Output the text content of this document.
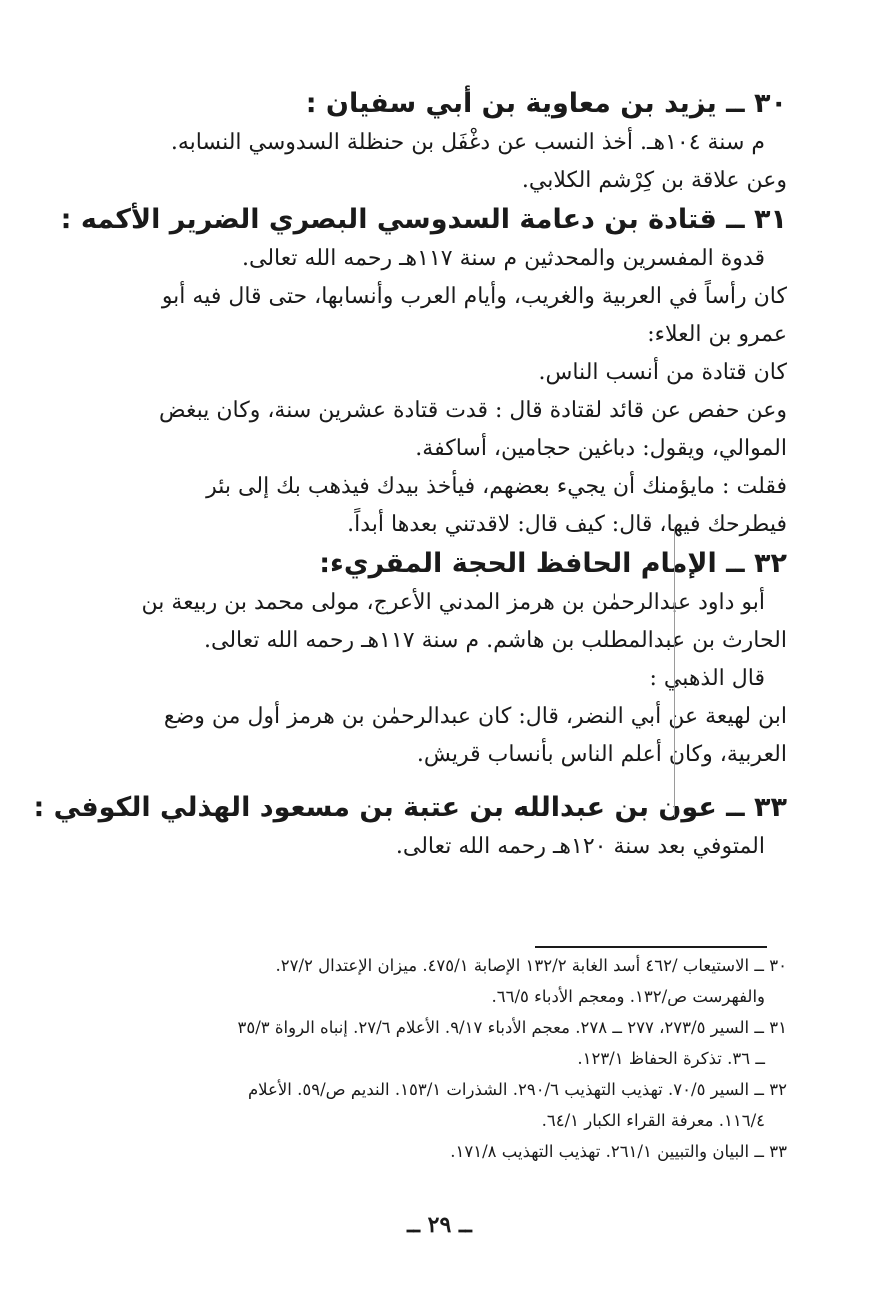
٣٠ ــ يزيد بن معاوية بن أبي سفيان :

م سنة ١٠٤هـ. أخذ النسب عن دغْفَل بن حنظلة السدوسي النسابه.

وعن علاقة بن كِرْشم الكلابي.

٣١ ــ قتادة بن دعامة السدوسي البصري الضرير الأكمه :

قدوة المفسرين والمحدثين م سنة ١١٧هـ رحمه الله تعالى.

كان رأساً في العربية والغريب، وأيام العرب وأنسابها، حتى قال فيه أبو

عمرو بن العلاء:

كان قتادة من أنسب الناس.

وعن حفص عن قائد لقتادة قال : قدت قتادة عشرين سنة، وكان يبغض

الموالي، ويقول: دباغين حجامين، أساكفة.

فقلت : مايؤمنك أن يجيء بعضهم، فيأخذ بيدك فيذهب بك إلى بئر

فيطرحك فيها، قال: كيف قال: لاقدتني بعدها أبداً.

٣٢ ــ الإمام الحافظ الحجة المقريء:

أبو داود عبدالرحمٰن بن هرمز المدني الأعرج، مولى محمد بن ربيعة بن

الحارث بن عبدالمطلب بن هاشم. م سنة ١١٧هـ رحمه الله تعالى.

قال الذهبي :

ابن لهيعة عن أبي النضر، قال: كان عبدالرحمٰن بن هرمز أول من وضع

العربية، وكان أعلم الناس بأنساب قريش.

٣٣ ــ عون بن عبدالله بن عتبة بن مسعود الهذلي الكوفي :

المتوفي بعد سنة ١٢٠هـ رحمه الله تعالى.

٣٠ ــ الاستيعاب /٤٦٢ أسد الغابة ١٣٢/٢ الإصابة ٤٧٥/١. ميزان الإعتدال ٢٧/٢.
والفهرست ص/١٣٢. ومعجم الأدباء ٦٦/٥.

٣١ ــ السير ٢٧٣/٥، ٢٧٧ ــ ٢٧٨. معجم الأدباء ٩/١٧. الأعلام ٢٧/٦. إنباه الرواة ٣٥/٣
ــ ٣٦. تذكرة الحفاظ ١٢٣/١.

٣٢ ــ السير ٧٠/٥. تهذيب التهذيب ٢٩٠/٦. الشذرات ١٥٣/١. النديم ص/٥٩. الأعلام
١١٦/٤. معرفة القراء الكبار ٦٤/١.

٣٣ ــ البيان والتبيين ٢٦١/١. تهذيب التهذيب ١٧١/٨.

ــ ٢٩ ــ
